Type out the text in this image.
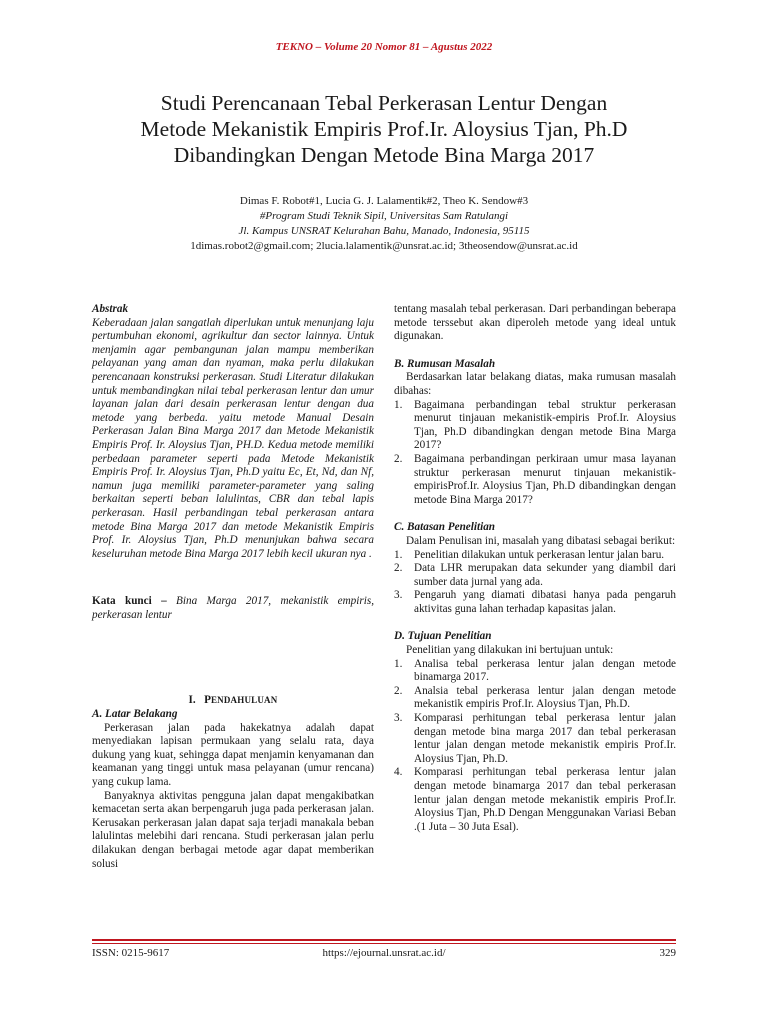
TEKNO – Volume 20 Nomor 81 – Agustus 2022
Studi Perencanaan Tebal Perkerasan Lentur Dengan
Metode Mekanistik Empiris Prof.Ir. Aloysius Tjan, Ph.D
Dibandingkan Dengan Metode Bina Marga 2017
Dimas F. Robot#1, Lucia G. J. Lalamentik#2, Theo K. Sendow#3
#Program Studi Teknik Sipil, Universitas Sam Ratulangi
Jl. Kampus UNSRAT Kelurahan Bahu, Manado, Indonesia, 95115
1dimas.robot2@gmail.com; 2lucia.lalamentik@unsrat.ac.id; 3theosendow@unsrat.ac.id
Abstrak
Keberadaan jalan sangatlah diperlukan untuk menunjang laju pertumbuhan ekonomi, agrikultur dan sector lainnya. Untuk menjamin agar pembangunan jalan mampu memberikan pelayanan yang aman dan nyaman, maka perlu dilakukan perencanaan konstruksi perkerasan. Studi Literatur dilakukan untuk membandingkan nilai tebal perkerasan lentur dan umur layanan jalan dari desain perkerasan lentur dengan dua metode yang berbeda. yaitu metode Manual Desain Perkerasan Jalan Bina Marga 2017 dan Metode Mekanistik Empiris Prof. Ir. Aloysius Tjan, PH.D. Kedua metode memiliki perbedaan parameter seperti pada Metode Mekanistik Empiris Prof. Ir. Aloysius Tjan, Ph.D yaitu Ec, Et, Nd, dan Nf, namun juga memiliki parameter-parameter yang saling berkaitan seperti beban lalulintas, CBR dan tebal lapis perkerasan. Hasil perbandingan tebal perkerasan antara metode Bina Marga 2017 dan metode Mekanistik Empiris Prof. Ir. Aloysius Tjan, Ph.D menunjukan bahwa secara keseluruhan metode Bina Marga 2017 lebih kecil ukuran nya .
Kata kunci – Bina Marga 2017, mekanistik empiris, perkerasan lentur
I. PENDAHULUAN
A. Latar Belakang
Perkerasan jalan pada hakekatnya adalah dapat menyediakan lapisan permukaan yang selalu rata, daya dukung yang kuat, sehingga dapat menjamin kenyamanan dan keamanan yang tinggi untuk masa pelayanan (umur rencana) yang cukup lama.
Banyaknya aktivitas pengguna jalan dapat mengakibatkan kemacetan serta akan berpengaruh juga pada perkerasan jalan. Kerusakan perkerasan jalan dapat saja terjadi manakala beban lalulintas melebihi dari rencana. Studi perkerasan jalan perlu dilakukan dengan berbagai metode agar dapat memberikan solusi
tentang masalah tebal perkerasan. Dari perbandingan beberapa metode terssebut akan diperoleh metode yang ideal untuk digunakan.
B. Rumusan Masalah
Berdasarkan latar belakang diatas, maka rumusan masalah dibahas:
1. Bagaimana perbandingan tebal struktur perkerasan menurut tinjauan mekanistik-empiris Prof.Ir. Aloysius Tjan, Ph.D dibandingkan dengan metode Bina Marga 2017?
2. Bagaimana perbandingan perkiraan umur masa layanan struktur perkerasan menurut tinjauan mekanistik-empirisProf.Ir. Aloysius Tjan, Ph.D dibandingkan dengan metode Bina Marga 2017?
C. Batasan Penelitian
Dalam Penulisan ini, masalah yang dibatasi sebagai berikut:
1. Penelitian dilakukan untuk perkerasan lentur jalan baru.
2. Data LHR merupakan data sekunder yang diambil dari sumber data jurnal yang ada.
3. Pengaruh yang diamati dibatasi hanya pada pengaruh aktivitas guna lahan terhadap kapasitas jalan.
D. Tujuan Penelitian
Penelitian yang dilakukan ini bertujuan untuk:
1. Analisa tebal perkerasa lentur jalan dengan metode binamarga 2017.
2. Analsia tebal perkerasa lentur jalan dengan metode mekanistik empiris Prof.Ir. Aloysius Tjan, Ph.D.
3. Komparasi perhitungan tebal perkerasa lentur jalan dengan metode bina marga 2017 dan tebal perkerasan lentur jalan dengan metode mekanistik empiris Prof.Ir. Aloysius Tjan, Ph.D.
4. Komparasi perhitungan tebal perkerasa lentur jalan dengan metode binamarga 2017 dan tebal perkerasan lentur jalan dengan metode mekanistik empiris Prof.Ir. Aloysius Tjan, Ph.D Dengan Menggunakan Variasi Beban .(1 Juta – 30 Juta Esal).
ISSN: 0215-9617	https://ejournal.unsrat.ac.id/	329
